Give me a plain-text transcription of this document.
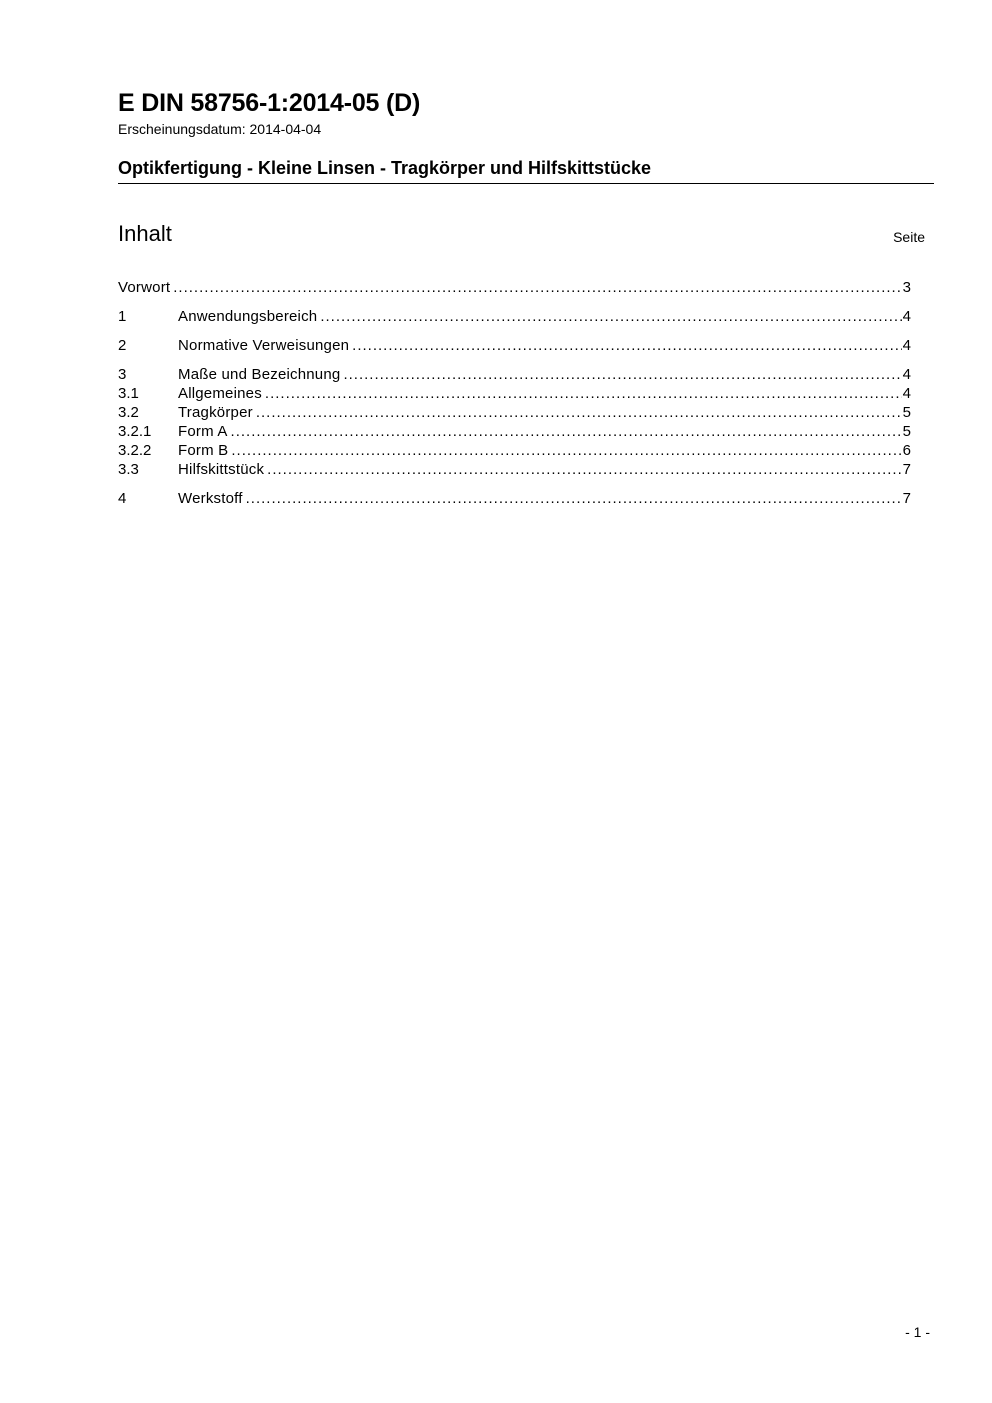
E DIN 58756-1:2014-05 (D)
Erscheinungsdatum: 2014-04-04
Optikfertigung - Kleine Linsen - Tragkörper und Hilfskittstücke
Inhalt	Seite
Vorwort .....	3
1	Anwendungsbereich .....	4
2	Normative Verweisungen .....	4
3	Maße und Bezeichnung .....	4
3.1	Allgemeines .....	4
3.2	Tragkörper .....	5
3.2.1	Form A .....	5
3.2.2	Form B .....	6
3.3	Hilfskittstück .....	7
4	Werkstoff .....	7
- 1 -
